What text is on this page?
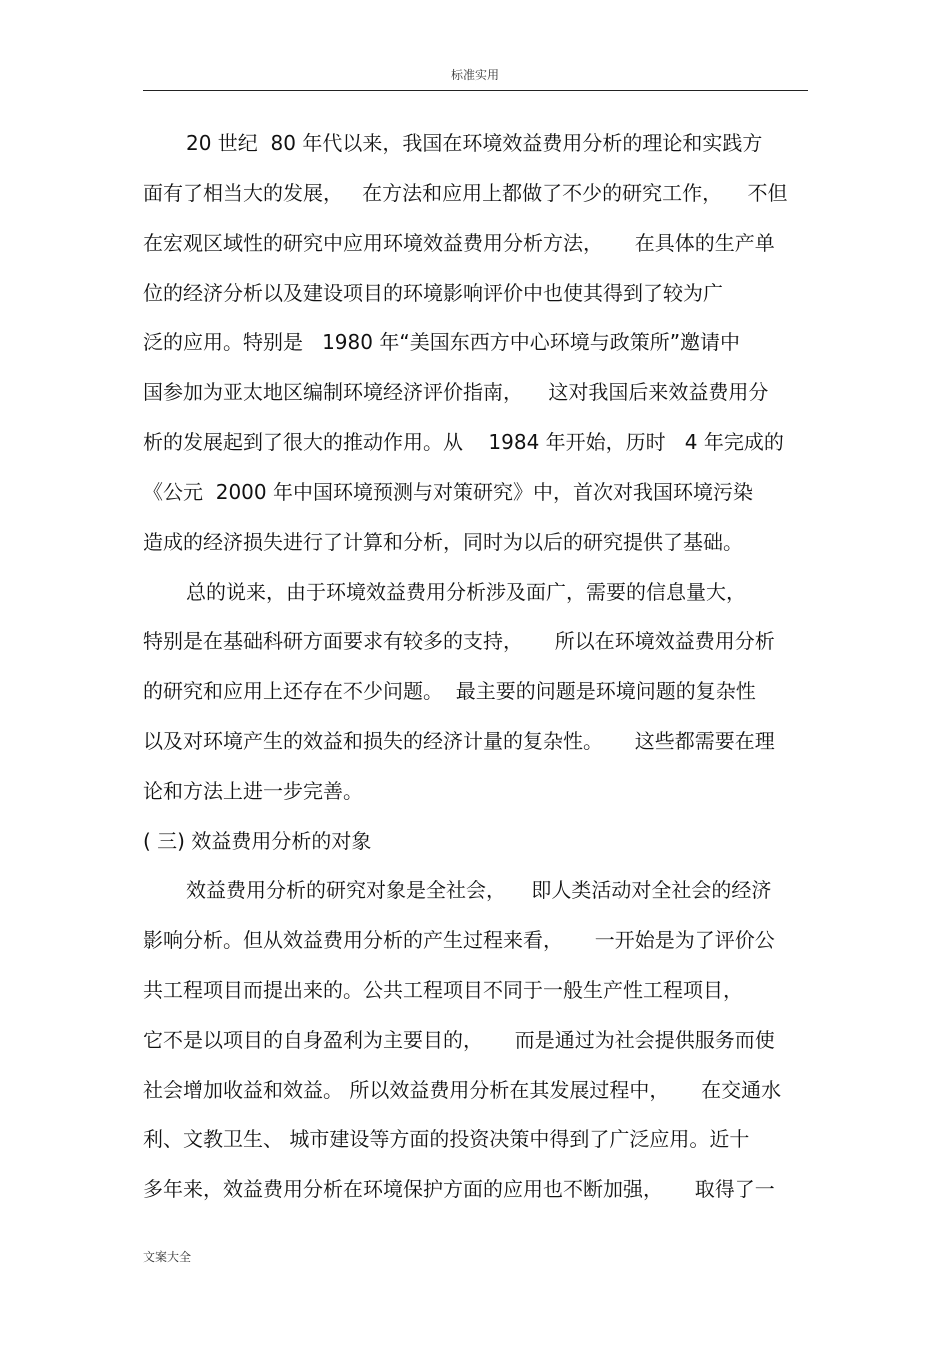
标准实用
20 世纪  80 年代以来，我国在环境效益费用分析的理论和实践方
面有了相当大的发展，   在方法和应用上都做了不少的研究工作，    不但
在宏观区域性的研究中应用环境效益费用分析方法，     在具体的生产单
位的经济分析以及建设项目的环境影响评价中也使其得到了较为广
泛的应用。特别是   1980 年“美国东西方中心环境与政策所”邀请中
国参加为亚太地区编制环境经济评价指南，    这对我国后来效益费用分
析的发展起到了很大的推动作用。从    1984 年开始，历时   4 年完成的
《公元  2000 年中国环境预测与对策研究》中，首次对我国环境污染
造成的经济损失进行了计算和分析，同时为以后的研究提供了基础。
总的说来，由于环境效益费用分析涉及面广，需要的信息量大，
特别是在基础科研方面要求有较多的支持，     所以在环境效益费用分析
的研究和应用上还存在不少问题。  最主要的问题是环境问题的复杂性
以及对环境产生的效益和损失的经济计量的复杂性。     这些都需要在理
论和方法上进一步完善。
( 三) 效益费用分析的对象
效益费用分析的研究对象是全社会，    即人类活动对全社会的经济
影响分析。但从效益费用分析的产生过程来看，     一开始是为了评价公
共工程项目而提出来的。公共工程项目不同于一般生产性工程项目，
它不是以项目的自身盈利为主要目的，     而是通过为社会提供服务而使
社会增加收益和效益。 所以效益费用分析在其发展过程中，     在交通水
利、文教卫生、 城市建设等方面的投资决策中得到了广泛应用。近十
多年来，效益费用分析在环境保护方面的应用也不断加强，     取得了一
文案大全
